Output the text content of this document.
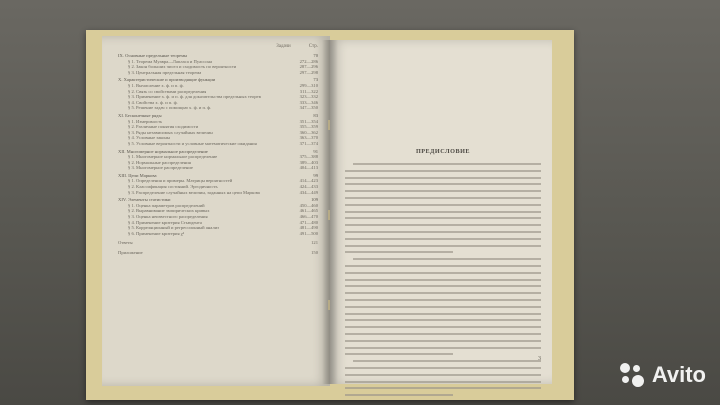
Задачи	Стр.
IX. Основные предельные теоремы	70
§ 1. Теорема Муавра—Лапласа и Пуассона	272—286
§ 2. Закон больших чисел и сходимость по вероятности	287—296
§ 3. Центральная предельная теорема	297—298
X. Характеристические и производящие функции	73
§ 1. Вычисление х. ф. и п. ф.	299—310
§ 2. Связь со свойствами распределения	311—322
§ 3. Применение х. ф. и п. ф. для доказательства предельных теорем	323—332
§ 4. Свойства х. ф. и п. ф.	333—346
§ 5. Решение задач с помощью х. ф. и п. ф.	347—350
XI. Бесконечные ряды	83
§ 1. Измеримость	351—354
§ 2. Различные понятия сходимости	355—359
§ 3. Ряды независимых случайных величин	360—362
§ 4. Условные законы	363—370
§ 5. Условные вероятности и условные математические ожидания	371—374
XII. Многомерное нормальное распределение	91
§ 1. Многомерное нормальное распределение	375—388
§ 2. Нормальные распределения	389—403
§ 3. Многомерное распределение	404—413
XIII. Цепи Маркова	99
§ 1. Определения и примеры. Матрицы вероятностей	414—423
§ 2. Классификация состояний. Эргодичность	424—433
§ 3. Распределение случайных величин, заданных на цепи Маркова	434—449
XIV. Элементы статистики	109
§ 1. Оценка параметров распределений	450—460
§ 2. Выравнивание эмпирических кривых	461—465
§ 3. Оценка неизвестного распределения	466—470
§ 4. Применение критерия Стьюдента	471—480
§ 5. Корреляционный и регрессионный анализ	481—490
§ 6. Применение критерия χ²	491—500
Ответы	121
Приложение	150
ПРЕДИСЛОВИЕ
3
Avito
